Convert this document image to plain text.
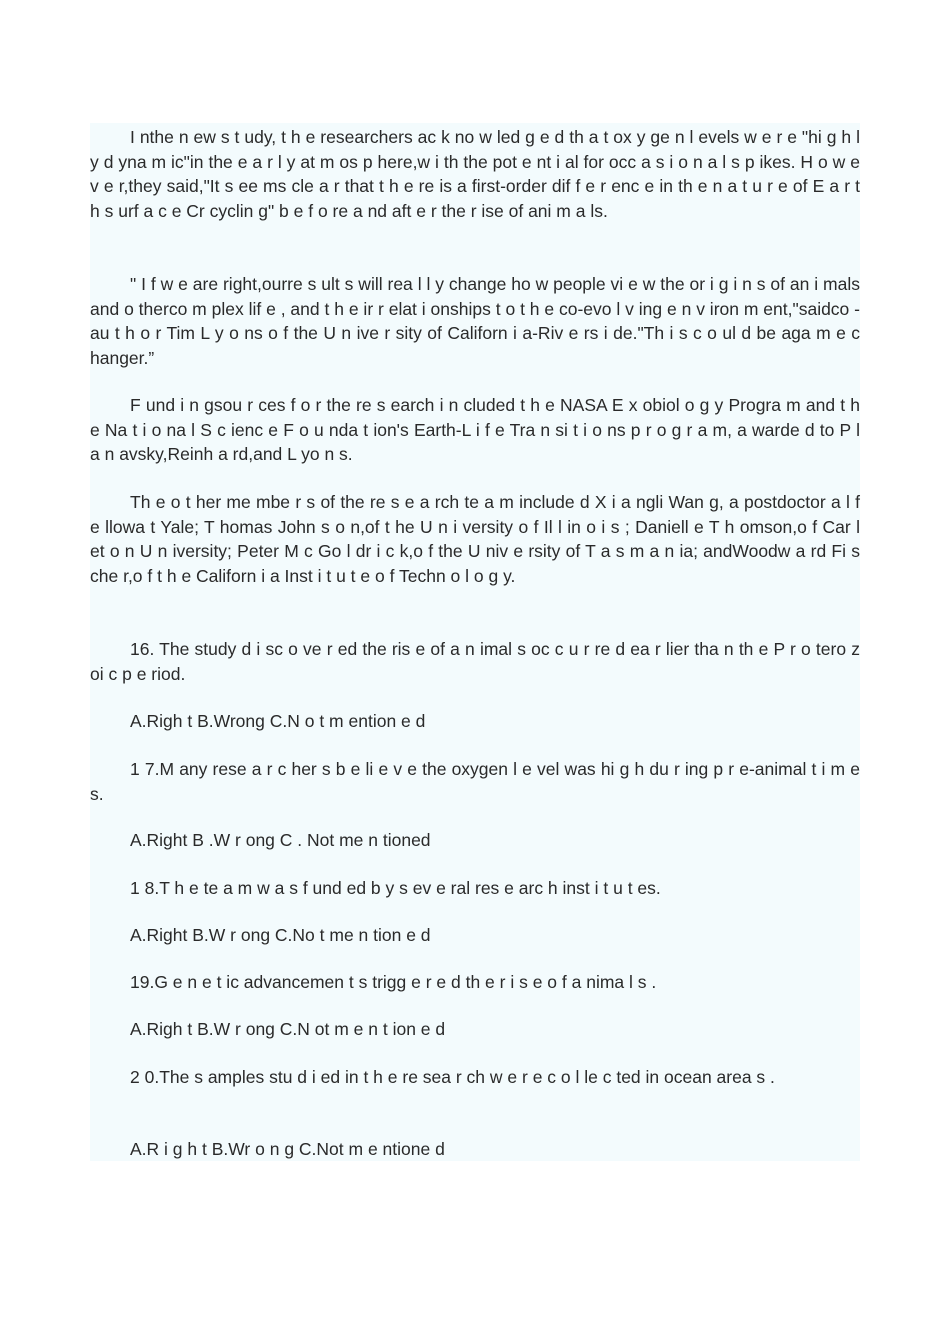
I nthe n ew s t udy, t h e researchers ac k no w led g e d th a t ox y ge n l evels w e r e "hi g h l y d yna m ic"in the e a r l y at m os p here,w i th the pot e nt i al for occ a s i o n a l s p ikes. H o w e v e r,they said,"It s ee ms cle a r that t h e re is a first-order dif f e r enc e in th e n a t u r e of E a r t h s urf a c e Cr cyclin g" b e f o re a nd aft e r the r ise of ani m a ls.

" I f w e are right,ourre s ult s will rea l l y change ho w people vi e w the or i g i n s of an i mals and o therco m plex lif e , and t h e ir r elat i onships t o t h e co-evo l v ing e n v iron m ent,"saidco - au t h o r Tim L y o ns o f the U n ive r sity of Californ i a-Riv e rs i de."Th i s c o ul d be aga m e c hanger.”

F und i n gsou r ces f o r the re s earch i n cluded t h e NASA E x obiol o g y Progra m and t h e Na t i o na l S c ienc e F o u nda t ion's Earth-L i f e Tra n si t i o ns p r o g r a m, a warde d to P l a n avsky,Reinh a rd,and L yo n s.

Th e o t her me mbe r s of the re s e a rch te a m include d X i a ngli Wan g, a postdoctor a l f e llowa t Yale; T homas John s o n,of t he U n i versity o f Il l in o i s ; Daniell e T h omson,o f Car l et o n U n iversity; Peter M c Go l dr i c k,o f the U niv e rsity of T a s m a n ia; andWoodw a rd Fi s che r,o f t h e Californ i a Inst i t u t e o f Techn o l o g y.

16. The study d i sc o ve r ed the ris e of a n imal s oc c u r re d ea r lier tha n th e P r o tero z oi c p e riod.

A.Righ t B.Wrong C.N o t m ention e d

1 7.M any rese a r c her s b e li e v e the oxygen l e vel was hi g h du r ing p r e-animal t i m e s.

A.Right B .W r ong C . Not me n tioned

1 8.T h e te a m w a s f und ed b y s ev e ral res e arc h inst i t u t es.

A.Right B.W r ong C.No t me n tion e d

19.G e n e t ic advancemen t s trigg e r e d th e r i s e o f a nima l s .

A.Righ t B.W r ong C.N ot m e n t ion e d

2 0.The s amples stu d i ed in t h e re sea r ch w e r e c o l le c ted in ocean area s .

A.R i g h t B.Wr o n g C.Not m e ntione d
